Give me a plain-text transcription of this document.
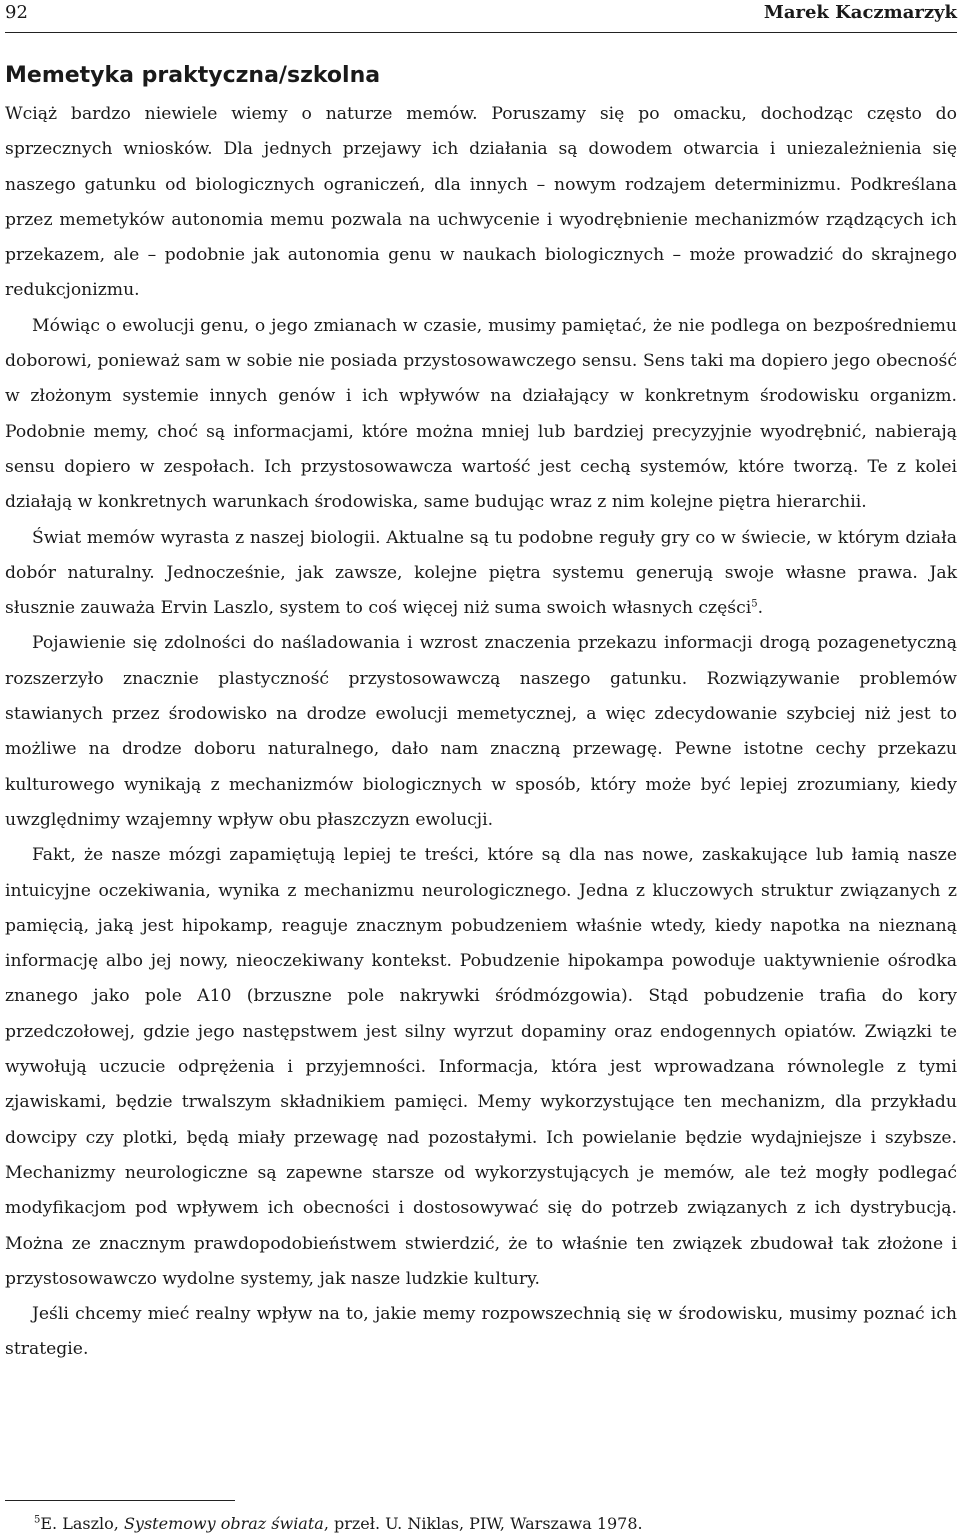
92	Marek Kaczmarzyk
Memetyka praktyczna/szkolna

Wciąż bardzo niewiele wiemy o naturze memów. Poruszamy się po omacku, dochodząc często do sprzecznych wniosków. Dla jednych przejawy ich działania są dowodem otwarcia i uniezależnienia się naszego gatunku od biologicznych ograniczeń, dla innych – nowym rodzajem determinizmu. Podkreślana przez memetyków autonomia memu pozwala na uchwycenie i wyodrębnienie mechanizmów rządzących ich przekazem, ale – podobnie jak autonomia genu w naukach biologicznych – może prowadzić do skrajnego redukcjonizmu.

Mówiąc o ewolucji genu, o jego zmianach w czasie, musimy pamiętać, że nie podlega on bezpośredniemu doborowi, ponieważ sam w sobie nie posiada przystosowawczego sensu. Sens taki ma dopiero jego obecność w złożonym systemie innych genów i ich wpływów na działający w konkretnym środowisku organizm. Podobnie memy, choć są informacjami, które można mniej lub bardziej precyzyjnie wyodrębnić, nabierają sensu dopiero w zespołach. Ich przystosowawcza wartość jest cechą systemów, które tworzą. Te z kolei działają w konkretnych warunkach środowiska, same budując wraz z nim kolejne piętra hierarchii.

Świat memów wyrasta z naszej biologii. Aktualne są tu podobne reguły gry co w świecie, w którym działa dobór naturalny. Jednocześnie, jak zawsze, kolejne piętra systemu generują swoje własne prawa. Jak słusznie zauważa Ervin Laszlo, system to coś więcej niż suma swoich własnych części$^5$.

Pojawienie się zdolności do naśladowania i wzrost znaczenia przekazu informacji drogą pozagenetyczną rozszerzyło znacznie plastyczność przystosowawczą naszego gatunku. Rozwiązywanie problemów stawianych przez środowisko na drodze ewolucji memetycznej, a więc zdecydowanie szybciej niż jest to możliwe na drodze doboru naturalnego, dało nam znaczną przewagę. Pewne istotne cechy przekazu kulturowego wynikają z mechanizmów biologicznych w sposób, który może być lepiej zrozumiany, kiedy uwzględnimy wzajemny wpływ obu płaszczyzn ewolucji.

Fakt, że nasze mózgi zapamiętują lepiej te treści, które są dla nas nowe, zaskakujące lub łamią nasze intuicyjne oczekiwania, wynika z mechanizmu neurologicznego. Jedna z kluczowych struktur związanych z pamięcią, jaką jest hipokamp, reaguje znacznym pobudzeniem właśnie wtedy, kiedy napotka na nieznaną informację albo jej nowy, nieoczekiwany kontekst. Pobudzenie hipokampa powoduje uaktywnienie ośrodka znanego jako pole A10 (brzuszne pole nakrywki śródmózgowia). Stąd pobudzenie trafia do kory przedczołowej, gdzie jego następstwem jest silny wyrzut dopaminy oraz endogennych opiatów. Związki te wywołują uczucie odprężenia i przyjemności. Informacja, która jest wprowadzana równolegle z tymi zjawiskami, będzie trwalszym składnikiem pamięci. Memy wykorzystujące ten mechanizm, dla przykładu dowcipy czy plotki, będą miały przewagę nad pozostałymi. Ich powielanie będzie wydajniejsze i szybsze. Mechanizmy neurologiczne są zapewne starsze od wykorzystujących je memów, ale też mogły podlegać modyfikacjom pod wpływem ich obecności i dostosowywać się do potrzeb związanych z ich dystrybucją. Można ze znacznym prawdopodobieństwem stwierdzić, że to właśnie ten związek zbudował tak złożone i przystosowawczo wydolne systemy, jak nasze ludzkie kultury.

Jeśli chcemy mieć realny wpływ na to, jakie memy rozpowszechnią się w środowisku, musimy poznać ich strategie.

$^5$E. Laszlo, Systemowy obraz świata, przeł. U. Niklas, PIW, Warszawa 1978.
